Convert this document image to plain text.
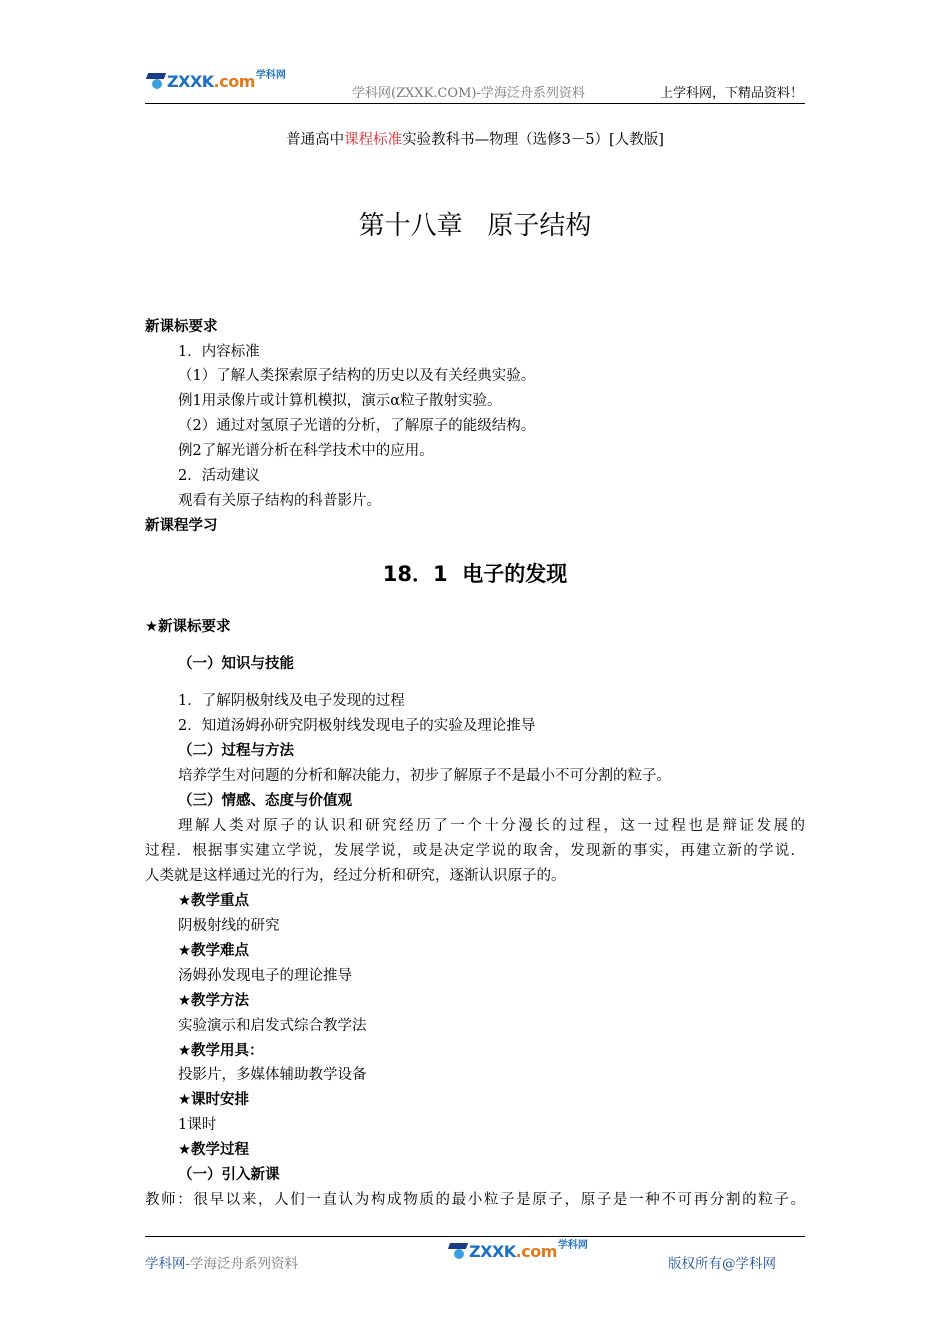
ZXXK.com 学科网
学科网(ZXXK.COM)-学海泛舟系列资料	上学科网，下精品资料！
普通高中课程标准实验教科书—物理（选修3－5）[人教版]
第十八章   原子结构
新课标要求
1．内容标准
（1）了解人类探索原子结构的历史以及有关经典实验。
例1用录像片或计算机模拟，演示α粒子散射实验。
（2）通过对氢原子光谱的分析，了解原子的能级结构。
例2了解光谱分析在科学技术中的应用。
2．活动建议
观看有关原子结构的科普影片。
新课程学习
18．1  电子的发现
★新课标要求
（一）知识与技能
1．了解阴极射线及电子发现的过程
2．知道汤姆孙研究阴极射线发现电子的实验及理论推导
（二）过程与方法
培养学生对问题的分析和解决能力，初步了解原子不是最小不可分割的粒子。
（三）情感、态度与价值观
理解人类对原子的认识和研究经历了一个十分漫长的过程，这一过程也是辩证发展的
过程．根据事实建立学说，发展学说，或是决定学说的取舍，发现新的事实，再建立新的学说．
人类就是这样通过光的行为，经过分析和研究，逐渐认识原子的。
★教学重点
阴极射线的研究
★教学难点
汤姆孙发现电子的理论推导
★教学方法
实验演示和启发式综合教学法
★教学用具：
投影片，多媒体辅助教学设备
★课时安排
1课时
★教学过程
（一）引入新课
教师：很早以来，人们一直认为构成物质的最小粒子是原子，原子是一种不可再分割的粒子。
学科网-学海泛舟系列资料
ZXXK.com 学科网
版权所有@学科网
